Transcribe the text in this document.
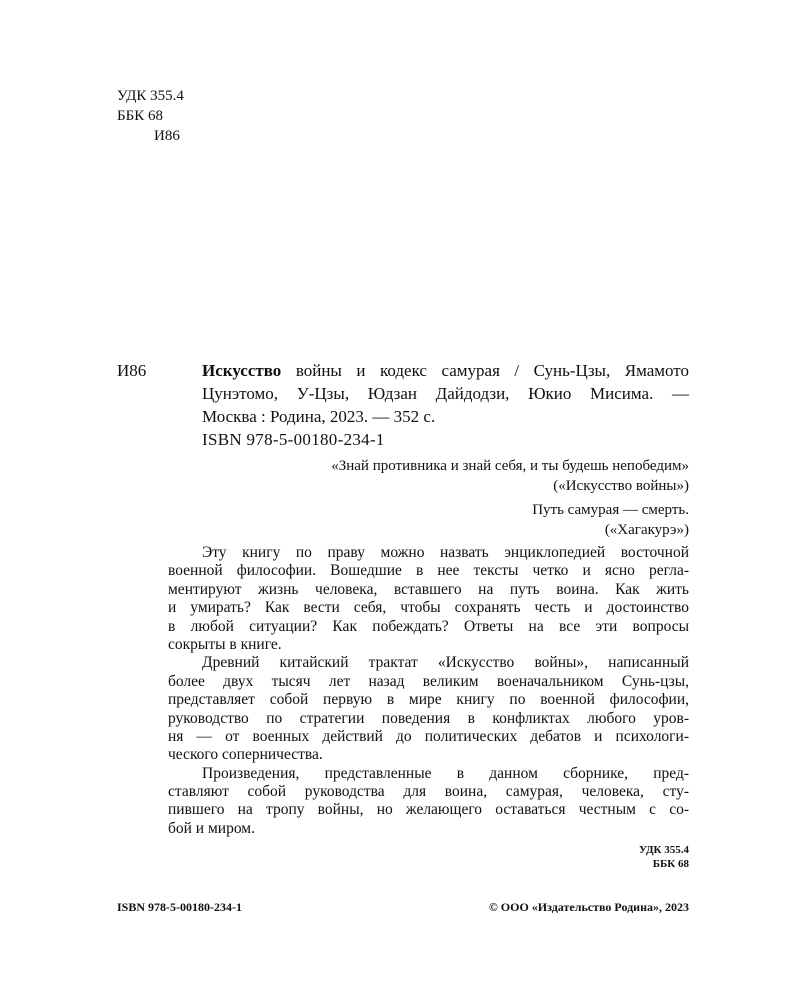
УДК 355.4
ББК 68
И86
И86	Искусство войны и кодекс самурая / Сунь-Цзы, Ямамото
Цунэтомо, У-Цзы, Юдзан Дайдодзи, Юкио Мисима. —
Москва : Родина, 2023. — 352 с.
ISBN 978-5-00180-234-1
«Знай противника и знай себя, и ты будешь непобедим»
(«Искусство войны»)
Путь самурая — смерть.
(«Хагакурэ»)
Эту книгу по праву можно назвать энциклопедией восточной
военной философии. Вошедшие в нее тексты четко и ясно регла-
ментируют жизнь человека, вставшего на путь воина. Как жить
и умирать? Как вести себя, чтобы сохранять честь и достоинство
в любой ситуации? Как побеждать? Ответы на все эти вопросы
сокрыты в книге.
Древний китайский трактат «Искусство войны», написанный
более двух тысяч лет назад великим военачальником Сунь-цзы,
представляет собой первую в мире книгу по военной философии,
руководство по стратегии поведения в конфликтах любого уров-
ня — от военных действий до политических дебатов и психологи-
ческого соперничества.
Произведения, представленные в данном сборнике, пред-
ставляют собой руководства для воина, самурая, человека, сту-
пившего на тропу войны, но желающего оставаться честным с со-
бой и миром.
УДК 355.4
ББК 68
ISBN 978-5-00180-234-1	© ООО «Издательство Родина», 2023
